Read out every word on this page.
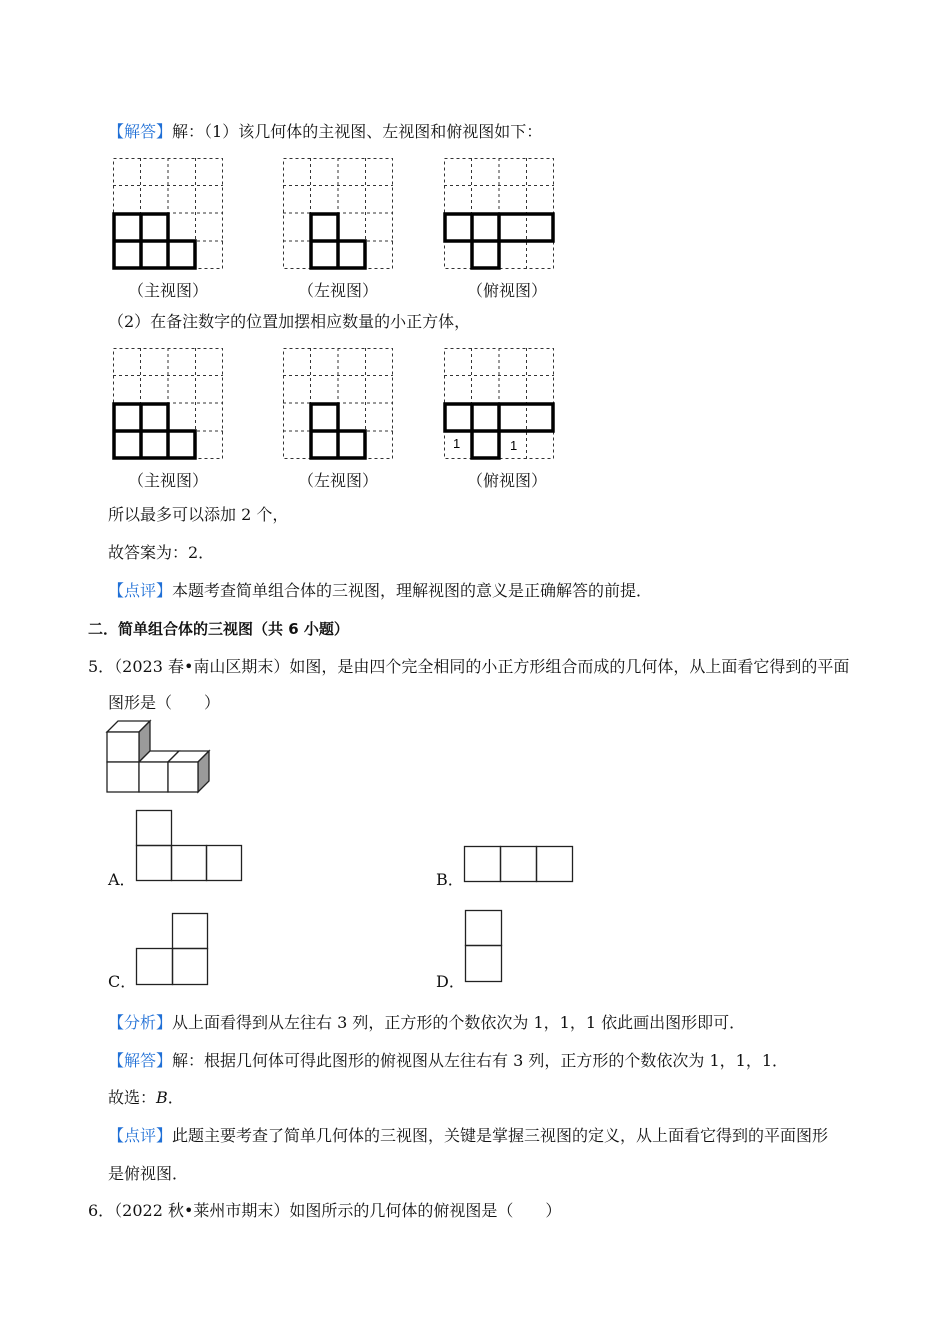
【解答】解：（1）该几何体的主视图、左视图和俯视图如下：
（主视图）	（左视图）	（俯视图）
（2）在备注数字的位置加摆相应数量的小正方体，
（主视图）	（左视图）
1	1
（俯视图）
所以最多可以添加 2 个，
故答案为：2．
【点评】本题考查简单组合体的三视图，理解视图的意义是正确解答的前提．
二．简单组合体的三视图（共 6 小题）
5．（2023 春•南山区期末）如图，是由四个完全相同的小正方形组合而成的几何体，从上面看它得到的平面
图形是（　　）
A．	B．
C．	D．
【分析】从上面看得到从左往右 3 列，正方形的个数依次为 1，1，1 依此画出图形即可．
【解答】解：根据几何体可得此图形的俯视图从左往右有 3 列，正方形的个数依次为 1，1，1．
故选：B．
【点评】此题主要考查了简单几何体的三视图，关键是掌握三视图的定义，从上面看它得到的平面图形
是俯视图．
6．（2022 秋•莱州市期末）如图所示的几何体的俯视图是（　　）
